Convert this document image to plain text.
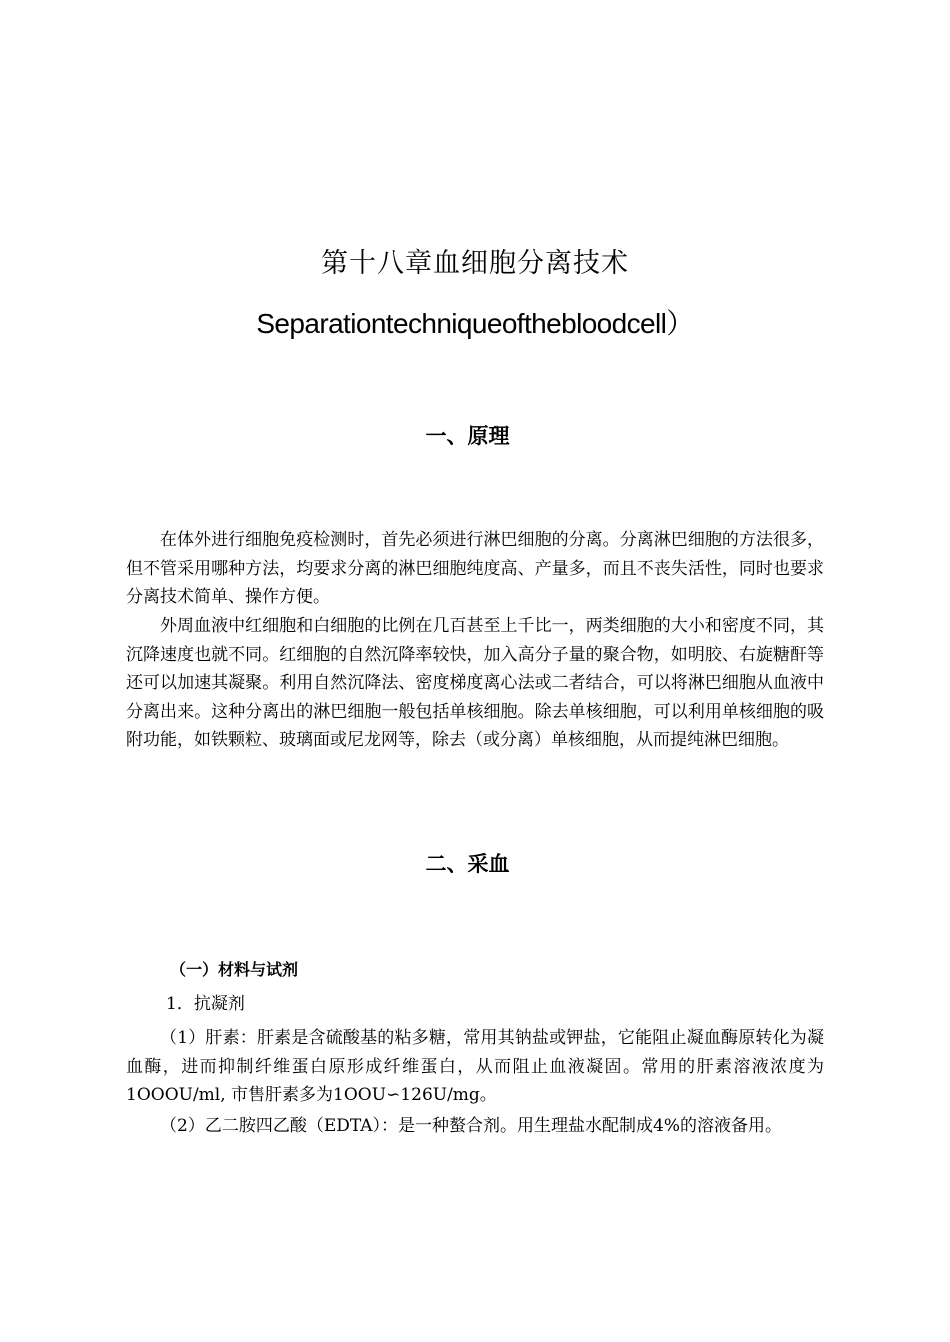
第十八章血细胞分离技术
Separationtechniqueofthebloodcell）
一、原理

在体外进行细胞免疫检测时，首先必须进行淋巴细胞的分离。分离淋巴细胞的方法很多，但不管采用哪种方法，均要求分离的淋巴细胞纯度高、产量多，而且不丧失活性，同时也要求分离技术简单、操作方便。

外周血液中红细胞和白细胞的比例在几百甚至上千比一，两类细胞的大小和密度不同，其沉降速度也就不同。红细胞的自然沉降率较快，加入高分子量的聚合物，如明胶、右旋糖酐等还可以加速其凝聚。利用自然沉降法、密度梯度离心法或二者结合，可以将淋巴细胞从血液中分离出来。这种分离出的淋巴细胞一般包括单核细胞。除去单核细胞，可以利用单核细胞的吸附功能，如铁颗粒、玻璃面或尼龙网等，除去（或分离）单核细胞，从而提纯淋巴细胞。

二、采血
（一）材料与试剂
1．抗凝剂

（1）肝素：肝素是含硫酸基的粘多糖，常用其钠盐或钾盐，它能阻止凝血酶原转化为凝血酶，进而抑制纤维蛋白原形成纤维蛋白，从而阻止血液凝固。常用的肝素溶液浓度为1OOOU/ml, 市售肝素多为1OOU∽126U/mg。

（2）乙二胺四乙酸（EDTA）：是一种螯合剂。用生理盐水配制成4%的溶液备用。
